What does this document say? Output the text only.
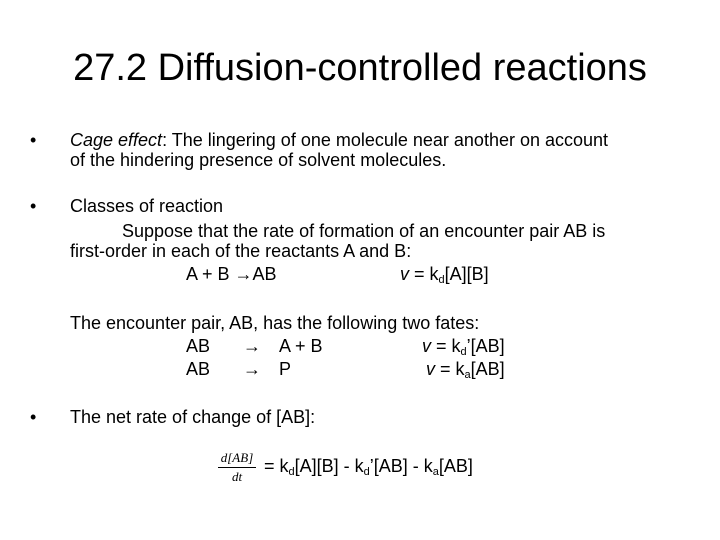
27.2 Diffusion-controlled reactions
• Cage effect: The lingering of one molecule near another on account
of the hindering presence of solvent molecules.
• Classes of reaction
Suppose that the rate of formation of an encounter pair AB is
first-order in each of the reactants A and B:
A + B →AB	$v = k_d[A][B]$
The encounter pair, AB, has the following two fates:
AB → A + B	$v = k_d’[AB]$
AB → P	$v = k_a[AB]$
• The net rate of change of [AB]:
d[AB]
dt
= $k_d[A][B]$ - $k_d’[AB] - k_a[AB]$
